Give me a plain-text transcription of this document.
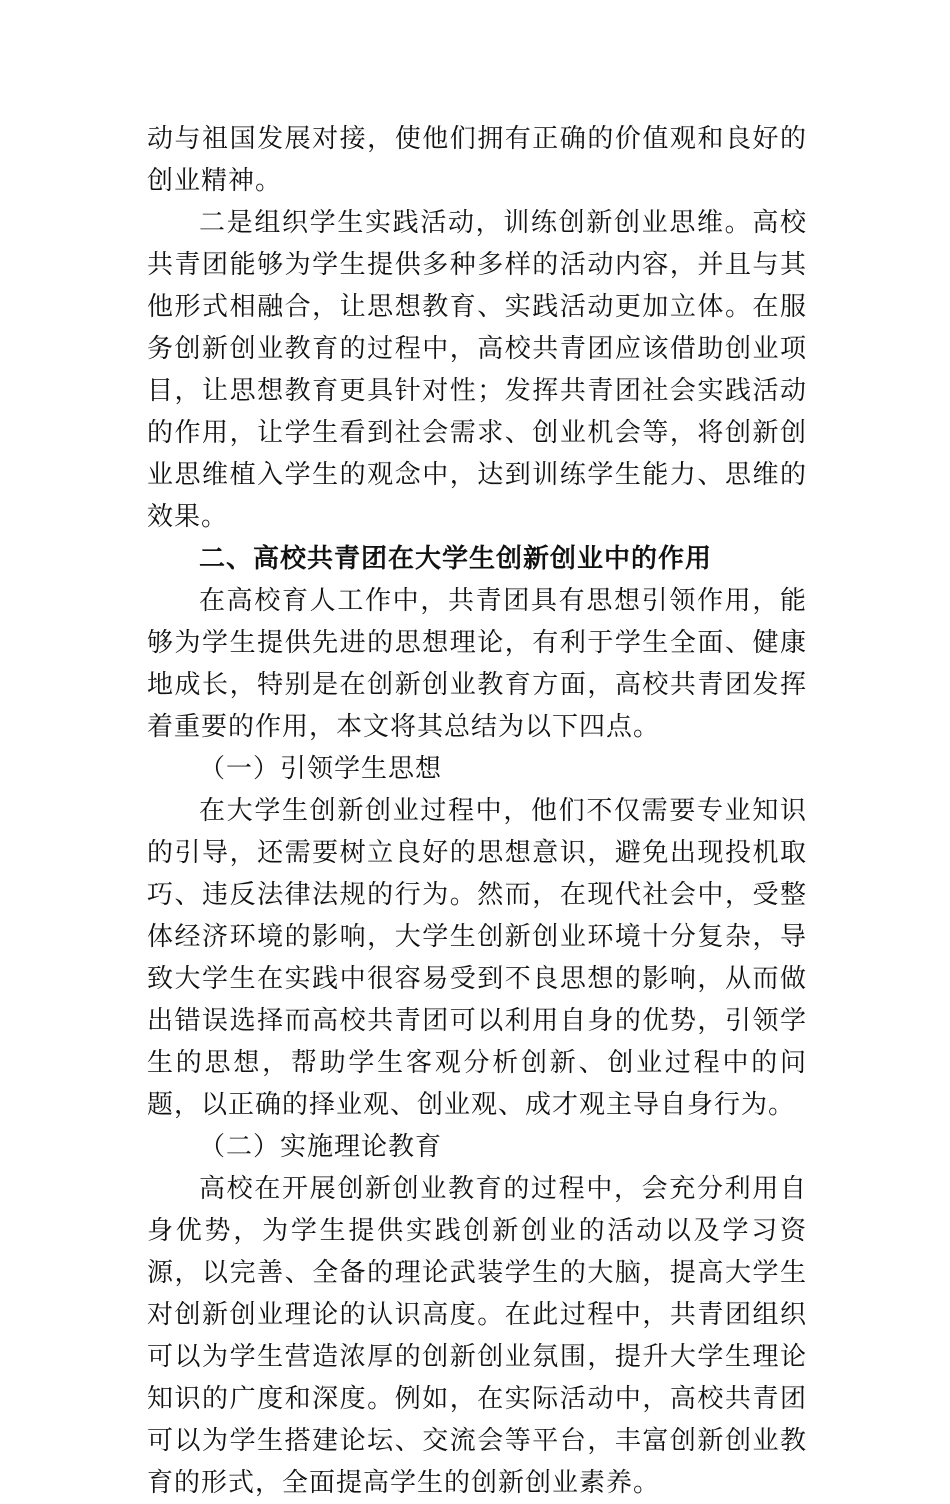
动与祖国发展对接，使他们拥有正确的价值观和良好的创业精神。

二是组织学生实践活动，训练创新创业思维。高校共青团能够为学生提供多种多样的活动内容，并且与其他形式相融合，让思想教育、实践活动更加立体。在服务创新创业教育的过程中，高校共青团应该借助创业项目，让思想教育更具针对性；发挥共青团社会实践活动的作用，让学生看到社会需求、创业机会等，将创新创业思维植入学生的观念中，达到训练学生能力、思维的效果。

二、高校共青团在大学生创新创业中的作用

在高校育人工作中，共青团具有思想引领作用，能够为学生提供先进的思想理论，有利于学生全面、健康地成长，特别是在创新创业教育方面，高校共青团发挥着重要的作用，本文将其总结为以下四点。

（一）引领学生思想

在大学生创新创业过程中，他们不仅需要专业知识的引导，还需要树立良好的思想意识，避免出现投机取巧、违反法律法规的行为。然而，在现代社会中，受整体经济环境的影响，大学生创新创业环境十分复杂，导致大学生在实践中很容易受到不良思想的影响，从而做出错误选择而高校共青团可以利用自身的优势，引领学生的思想，帮助学生客观分析创新、创业过程中的问题，以正确的择业观、创业观、成才观主导自身行为。

（二）实施理论教育

高校在开展创新创业教育的过程中，会充分利用自身优势，为学生提供实践创新创业的活动以及学习资源，以完善、全备的理论武装学生的大脑，提高大学生对创新创业理论的认识高度。在此过程中，共青团组织可以为学生营造浓厚的创新创业氛围，提升大学生理论知识的广度和深度。例如，在实际活动中，高校共青团可以为学生搭建论坛、交流会等平台，丰富创新创业教育的形式，全面提高学生的创新创业素养。
